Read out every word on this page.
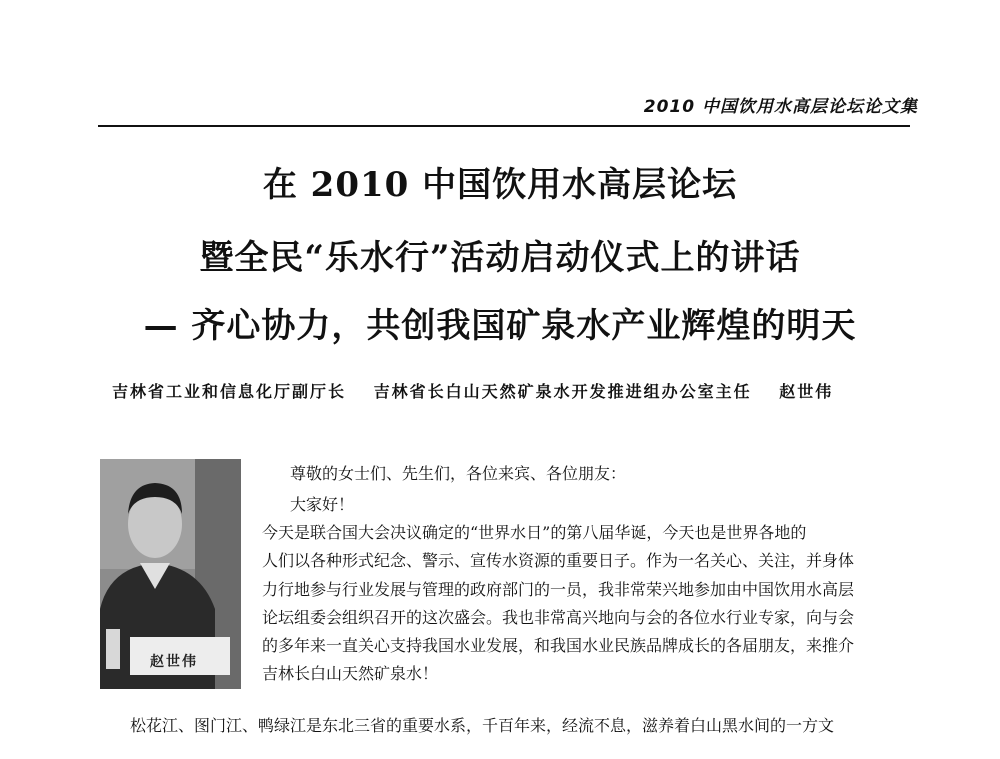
2010 中国饮用水高层论坛论文集
在 2010 中国饮用水高层论坛
暨全民“乐水行”活动启动仪式上的讲话
— 齐心协力，共创我国矿泉水产业辉煌的明天
吉林省工业和信息化厅副厅长 吉林省长白山天然矿泉水开发推进组办公室主任 赵世伟
赵世伟
尊敬的女士们、先生们，各位来宾、各位朋友：
大家好！
今天是联合国大会决议确定的“世界水日”的第八届华诞，今天也是世界各地的
人们以各种形式纪念、警示、宣传水资源的重要日子。作为一名关心、关注，并身体
力行地参与行业发展与管理的政府部门的一员，我非常荣兴地参加由中国饮用水高层
论坛组委会组织召开的这次盛会。我也非常高兴地向与会的各位水行业专家，向与会
的多年来一直关心支持我国水业发展，和我国水业民族品牌成长的各届朋友，来推介
吉林长白山天然矿泉水！
松花江、图门江、鸭绿江是东北三省的重要水系，千百年来，经流不息，滋养着白山黑水间的一方文
